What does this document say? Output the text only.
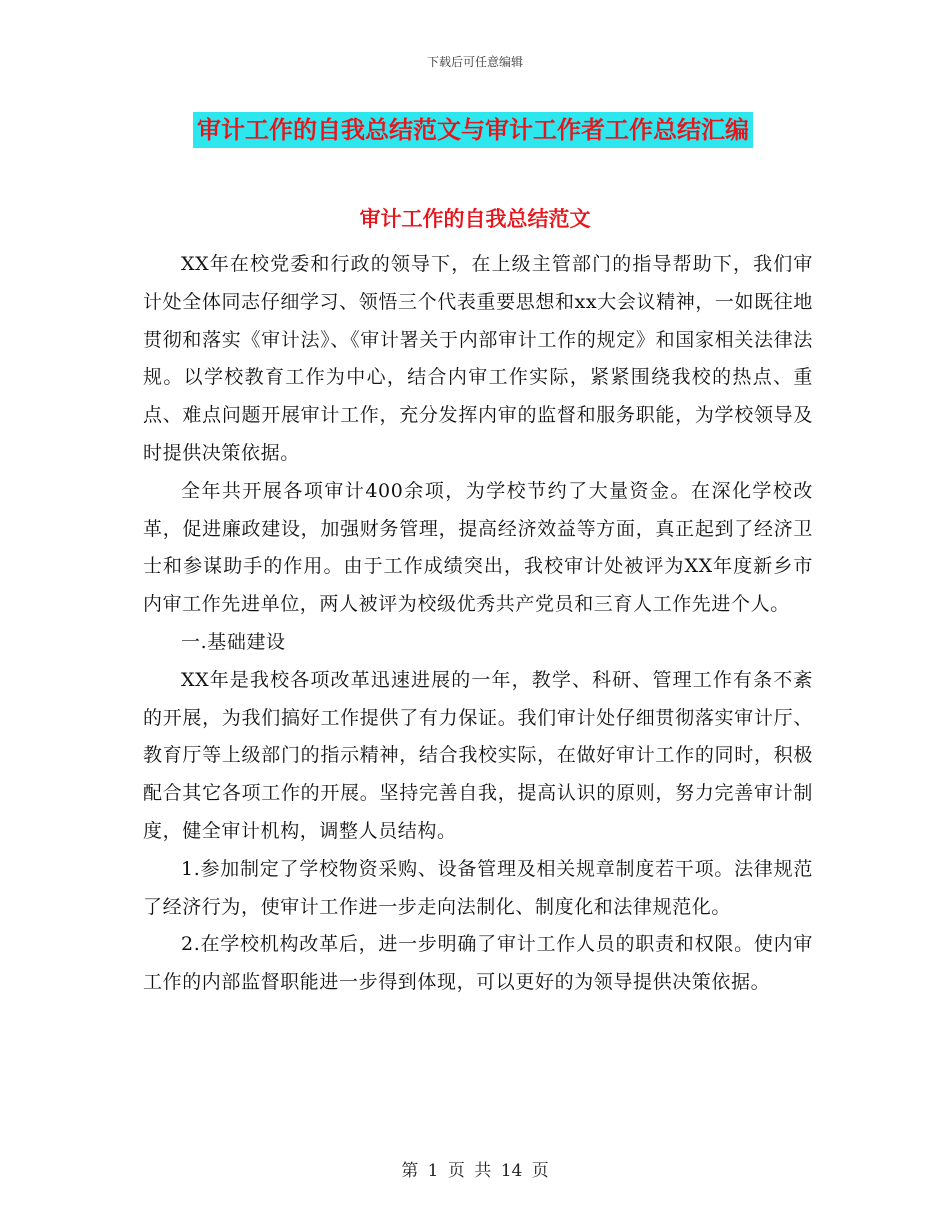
下载后可任意编辑
审计工作的自我总结范文与审计工作者工作总结汇编
审计工作的自我总结范文

XX年在校党委和行政的领导下，在上级主管部门的指导帮助下，我们审计处全体同志仔细学习、领悟三个代表重要思想和xx大会议精神，一如既往地贯彻和落实《审计法》、《审计署关于内部审计工作的规定》和国家相关法律法规。以学校教育工作为中心，结合内审工作实际，紧紧围绕我校的热点、重点、难点问题开展审计工作，充分发挥内审的监督和服务职能，为学校领导及时提供决策依据。

全年共开展各项审计400余项，为学校节约了大量资金。在深化学校改革，促进廉政建设，加强财务管理，提高经济效益等方面，真正起到了经济卫士和参谋助手的作用。由于工作成绩突出，我校审计处被评为XX年度新乡市内审工作先进单位，两人被评为校级优秀共产党员和三育人工作先进个人。

一.基础建设

XX年是我校各项改革迅速进展的一年，教学、科研、管理工作有条不紊的开展，为我们搞好工作提供了有力保证。我们审计处仔细贯彻落实审计厅、教育厅等上级部门的指示精神，结合我校实际，在做好审计工作的同时，积极配合其它各项工作的开展。坚持完善自我，提高认识的原则，努力完善审计制度，健全审计机构，调整人员结构。

1.参加制定了学校物资采购、设备管理及相关规章制度若干项。法律规范了经济行为，使审计工作进一步走向法制化、制度化和法律规范化。

2.在学校机构改革后，进一步明确了审计工作人员的职责和权限。使内审工作的内部监督职能进一步得到体现，可以更好的为领导提供决策依据。

第 1 页 共 14 页
